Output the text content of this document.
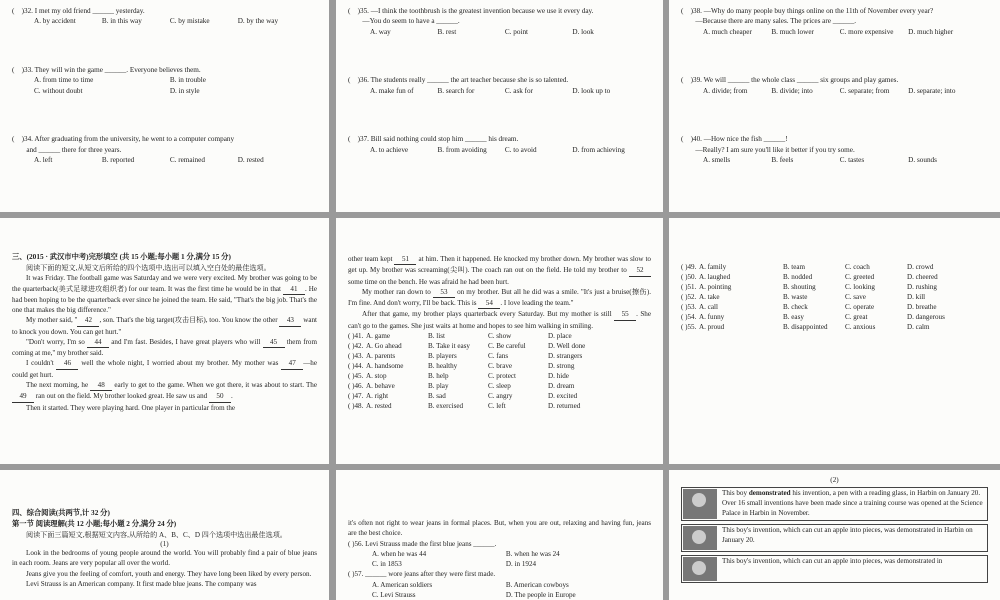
(    )32. I met my old friend ______ yesterday.
A. by accident	B. in this way	C. by mistake	D. by the way
(    )33. They will win the game ______. Everyone believes them.
A. from time to time	B. in trouble
C. without doubt	D. in style
(    )34. After graduating from the university, he went to a computer company
and ______ there for three years.
A. left	B. reported	C. remained	D. rested
(    )35. —I think the toothbrush is the greatest invention because we use it every day.
—You do seem to have a ______.
A. way	B. rest	C. point	D. look
(    )36. The students really ______ the art teacher because she is so talented.
A. make fun of	B. search for	C. ask for	D. look up to
(    )37. Bill said nothing could stop him ______ his dream.
A. to achieve	B. from avoiding	C. to avoid	D. from achieving
(    )38. —Why do many people buy things online on the 11th of November every year?
—Because there are many sales. The prices are ______.
A. much cheaper	B. much lower	C. more expensive	D. much higher
(    )39. We will ______ the whole class ______ six groups and play games.
A. divide; from	B. divide; into	C. separate; from	D. separate; into
(    )40. —How nice the fish ______!
—Really? I am sure you'll like it better if you try some.
A. smells	B. feels	C. tastes	D. sounds
三、(2015 · 武汉市中考)完形填空 (共 15 小题;每小题 1 分,满分 15 分)

阅读下面的短文,从短文后所给的四个选项中,选出可以填入空白处的最佳选项。

It was Friday. The football game was Saturday and we were very excited. My brother was going to be the quarterback(美式足球进攻组织者) for our team. It was the first time he would be in that 41 . He had been hoping to be the quarterback ever since he joined the team. He said, "That's the big job. That's the one that makes the big difference."

My mother said, " 42 , son. That's the big target(攻击目标), too. You know the other 43 want to knock you down. You can get hurt."

"Don't worry, I'm so 44 and I'm fast. Besides, I have great players who will 45 them from coming at me," my brother said.

I couldn't 46 well the whole night, I worried about my brother. My mother was 47 —he could get hurt.

The next morning, he 48 early to get to the game. When we got there, it was about to start. The 49 ran out on the field. My brother looked great. He saw us and 50 .

Then it started. They were playing hard. One player in particular from the

other team kept 51 at him. Then it happened. He knocked my brother down. My brother was slow to get up. My brother was screaming(尖叫). The coach ran out on the field. He told my brother to 52 some time on the bench. He was afraid he had been hurt.

My mother ran down to 53 on my brother. But all he did was a smile. "It's just a bruise(擦伤). I'm fine. And don't worry, I'll be back. This is 54 . I love leading the team."

After that game, my brother plays quarterback every Saturday. But my mother is still 55 . She can't go to the games. She just waits at home and hopes to see him walking in smiling.

( )41. A. game	B. list	C. show	D. place
( )42. A. Go ahead	B. Take it easy	C. Be careful	D. Well done
( )43. A. parents	B. players	C. fans	D. strangers
( )44. A. handsome	B. healthy	C. brave	D. strong
( )45. A. stop	B. help	C. protect	D. hide
( )46. A. behave	B. play	C. sleep	D. dream
( )47. A. right	B. sad	C. angry	D. excited
( )48. A. rested	B. exercised	C. left	D. returned
( )49. A. family	B. team	C. coach	D. crowd
( )50. A. laughed	B. nodded	C. greeted	D. cheered
( )51. A. pointing	B. shouting	C. looking	D. rushing
( )52. A. take	B. waste	C. save	D. kill
( )53. A. call	B. check	C. operate	D. breathe
( )54. A. funny	B. easy	C. great	D. dangerous
( )55. A. proud	B. disappointed	C. anxious	D. calm
四、综合阅读(共两节,计 32 分)
第一节 阅读理解(共 12 小题;每小题 2 分,满分 24 分)

阅读下面三篇短文,根据短文内容,从所给的 A、B、C、D 四个选项中选出最佳选项。

(1)

Look in the bedrooms of young people around the world. You will probably find a pair of blue jeans in each room. Jeans are very popular all over the world.

Jeans give you the feeling of comfort, youth and energy. They have long been liked by every person.

Levi Strauss is an American company. It first made blue jeans. The company was

it's often not right to wear jeans in formal places. But, when you are out, relaxing and having fun, jeans are the best choice.

( )56. Levi Strauss made the first blue jeans ______.
A. when he was 44	B. when he was 24
C. in 1853	D. in 1924
( )57. ______ wore jeans after they were first made.
A. American soldiers	B. American cowboys
C. Levi Strauss	D. The people in Europe
(2)
This boy demonstrated his invention, a pen with a reading glass, in Harbin on January 20. Over 16 small inventions have been made since a training course was opened at the Science Palace in Harbin in November.
This boy's invention, which can cut an apple into pieces, was demonstrated in Harbin on January 20.
This boy's invention, which can cut an apple into pieces, was demonstrated in
